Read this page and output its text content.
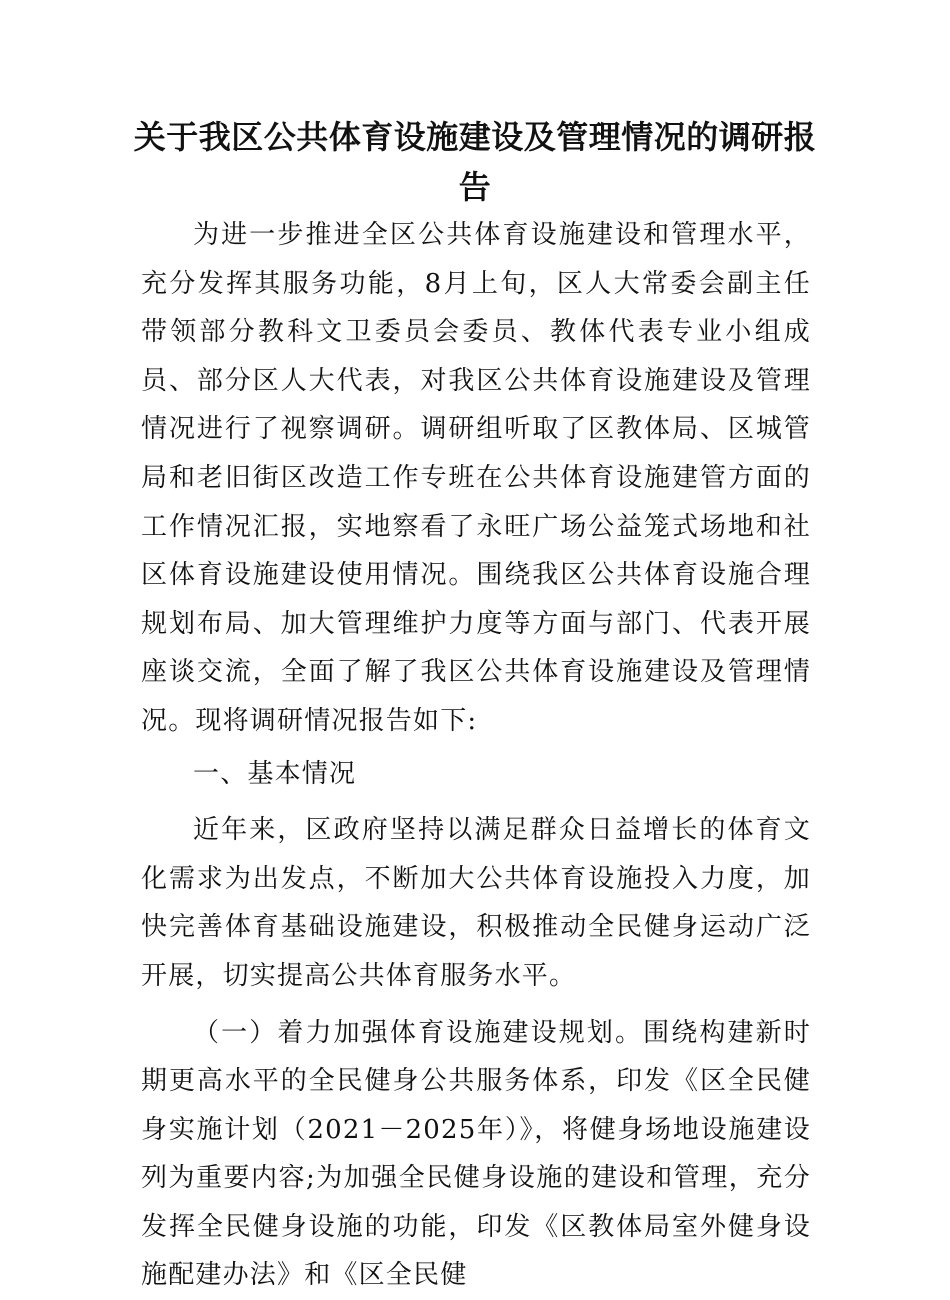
关于我区公共体育设施建设及管理情况的调研报告

为进一步推进全区公共体育设施建设和管理水平，充分发挥其服务功能，8月上旬，区人大常委会副主任带领部分教科文卫委员会委员、教体代表专业小组成员、部分区人大代表，对我区公共体育设施建设及管理情况进行了视察调研。调研组听取了区教体局、区城管局和老旧街区改造工作专班在公共体育设施建管方面的工作情况汇报，实地察看了永旺广场公益笼式场地和社区体育设施建设使用情况。围绕我区公共体育设施合理规划布局、加大管理维护力度等方面与部门、代表开展座谈交流，全面了解了我区公共体育设施建设及管理情况。现将调研情况报告如下:

一、基本情况

近年来，区政府坚持以满足群众日益增长的体育文化需求为出发点，不断加大公共体育设施投入力度，加快完善体育基础设施建设，积极推动全民健身运动广泛开展，切实提高公共体育服务水平。

（一）着力加强体育设施建设规划。围绕构建新时期更高水平的全民健身公共服务体系，印发《区全民健身实施计划（2021－2025年）》，将健身场地设施建设列为重要内容;为加强全民健身设施的建设和管理，充分发挥全民健身设施的功能，印发《区教体局室外健身设施配建办法》和《区全民健
